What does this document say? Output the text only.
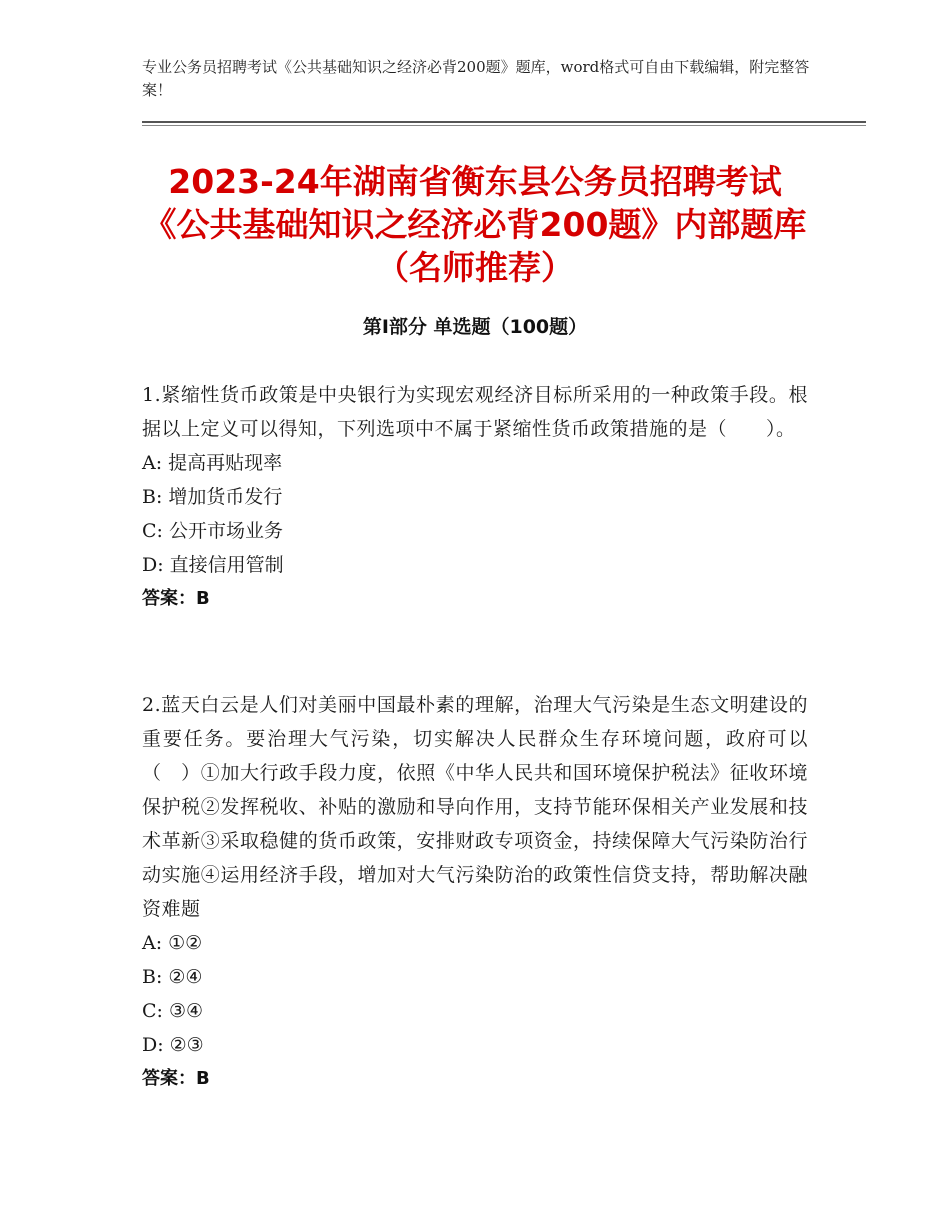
专业公务员招聘考试《公共基础知识之经济必背200题》题库，word格式可自由下载编辑，附完整答案！
2023-24年湖南省衡东县公务员招聘考试《公共基础知识之经济必背200题》内部题库（名师推荐）
第Ⅰ部分 单选题（100题）

1.紧缩性货币政策是中央银行为实现宏观经济目标所采用的一种政策手段。根据以上定义可以得知，下列选项中不属于紧缩性货币政策措施的是（　　）。

A: 提高再贴现率

B: 增加货币发行

C: 公开市场业务

D: 直接信用管制

答案：B

2.蓝天白云是人们对美丽中国最朴素的理解，治理大气污染是生态文明建设的重要任务。要治理大气污染，切实解决人民群众生存环境问题，政府可以（　）①加大行政手段力度，依照《中华人民共和国环境保护税法》征收环境保护税②发挥税收、补贴的激励和导向作用，支持节能环保相关产业发展和技术革新③采取稳健的货币政策，安排财政专项资金，持续保障大气污染防治行动实施④运用经济手段，增加对大气污染防治的政策性信贷支持，帮助解决融资难题

A: ①②

B: ②④

C: ③④

D: ②③

答案：B
